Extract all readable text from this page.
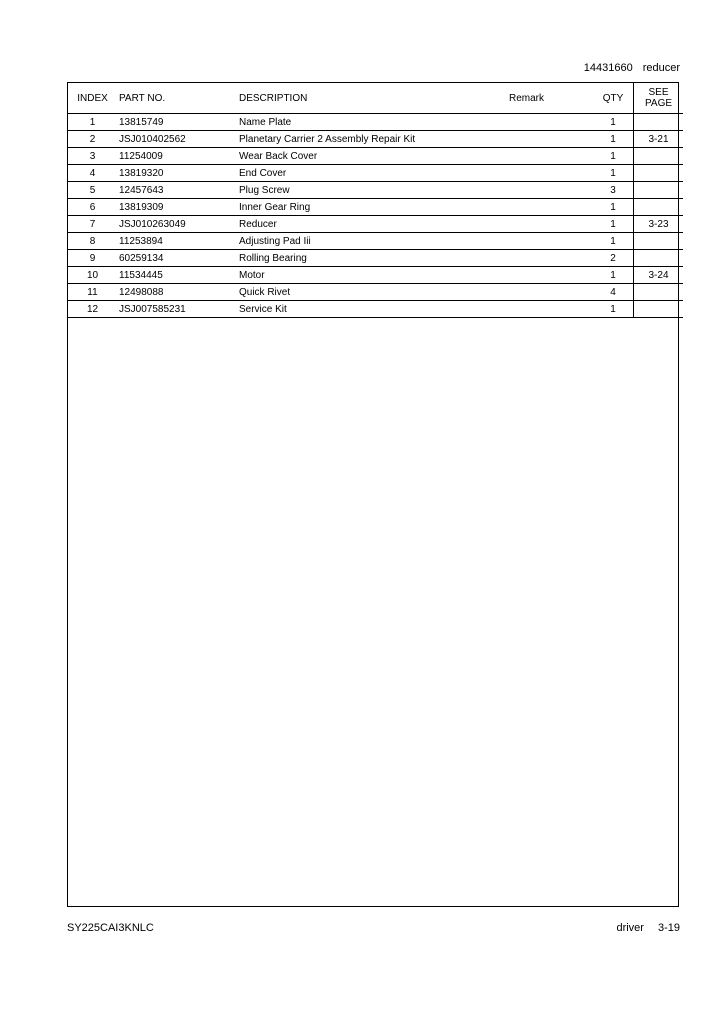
14431660 reducer
INDEX	PART NO.	DESCRIPTION	Remark	QTY	SEE
PAGE
1	13815749	Name Plate		1	
2	JSJ010402562	Planetary Carrier 2 Assembly Repair Kit		1	3-21
3	11254009	Wear Back Cover		1	
4	13819320	End Cover		1	
5	12457643	Plug Screw		3	
6	13819309	Inner Gear Ring		1	
7	JSJ010263049	Reducer		1	3-23
8	11253894	Adjusting Pad Iii		1	
9	60259134	Rolling Bearing		2	
10	11534445	Motor		1	3-24
11	12498088	Quick Rivet		4	
12	JSJ007585231	Service Kit		1	
SY225CAI3KNLC	driver 3-19
